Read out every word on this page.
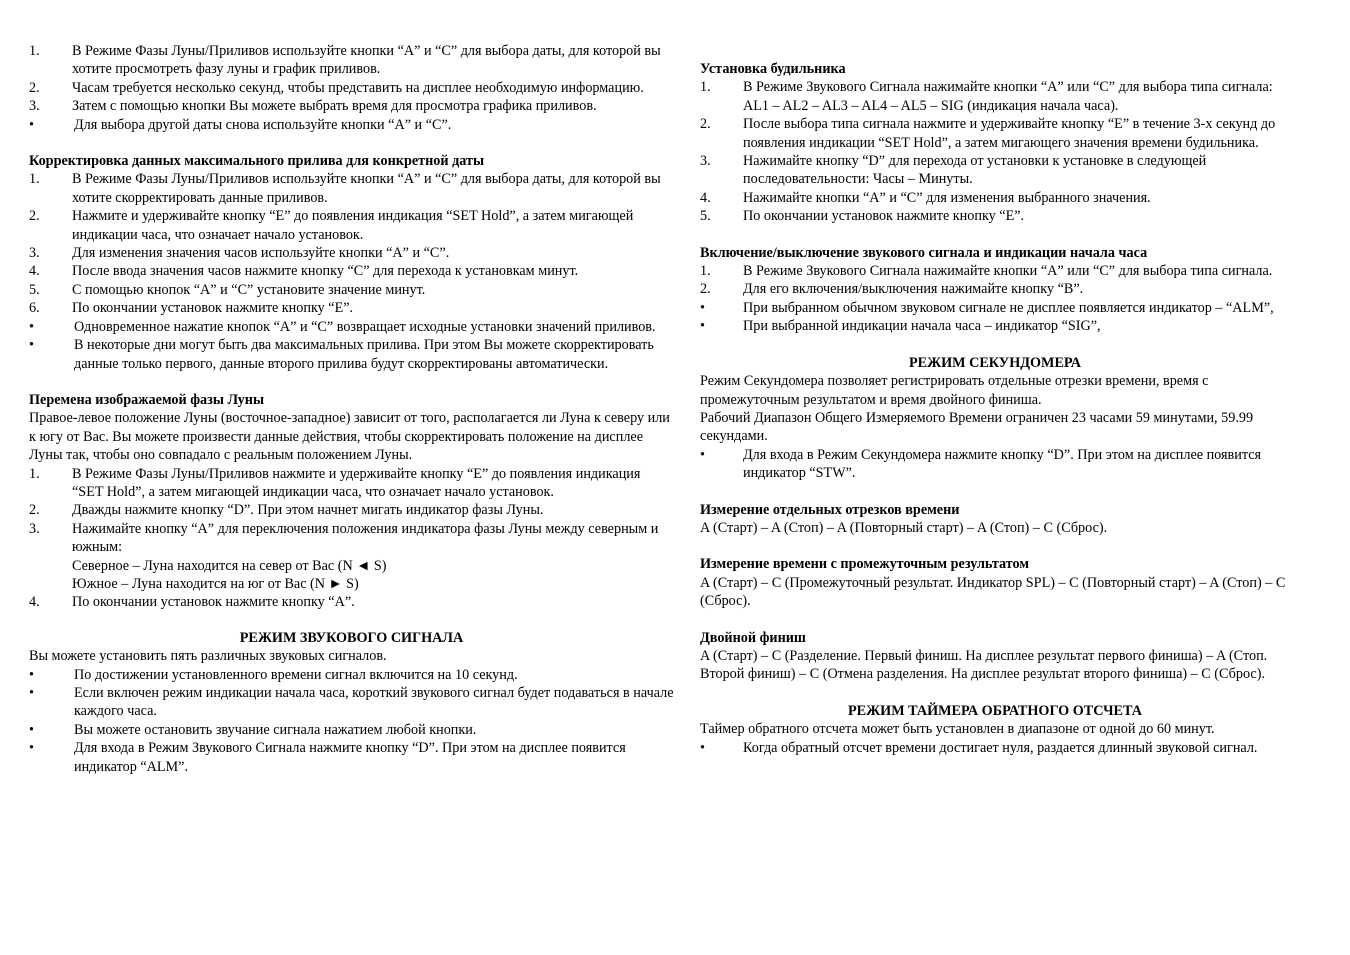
1. В Режиме Фазы Луны/Приливов используйте кнопки “A” и “C” для выбора даты, для которой вы хотите просмотреть фазу луны и график приливов.
2. Часам требуется несколько секунд, чтобы представить на дисплее необходимую информацию.
3. Затем с помощью кнопки Вы можете выбрать время для просмотра графика приливов.
•	Для выбора другой даты снова используйте кнопки “A” и “C”.
Корректировка данных максимального прилива для конкретной даты
1. В Режиме Фазы Луны/Приливов используйте кнопки “A” и “C” для выбора даты, для которой вы хотите скорректировать данные приливов.
2. Нажмите и удерживайте кнопку “E” до появления индикация “SET Hold”, а затем мигающей индикации часа, что означает начало установок.
3. Для изменения значения часов используйте кнопки “A” и “C”.
4. После ввода значения часов нажмите кнопку “C” для перехода к установкам минут.
5. С помощью кнопок “A” и “C” установите значение минут.
6. По окончании установок нажмите кнопку “E”.
•	Одновременное нажатие кнопок “A” и “C” возвращает исходные установки значений приливов.
•	В некоторые дни могут быть два максимальных прилива. При этом Вы можете скорректировать данные только первого, данные второго прилива будут скорректированы автоматически.
Перемена изображаемой фазы Луны
Правое-левое положение Луны (восточное-западное) зависит от того, располагается ли Луна к северу или к югу от Вас. Вы можете произвести данные действия, чтобы скорректировать положение на дисплее Луны так, чтобы оно совпадало с реальным положением Луны.
1. В Режиме Фазы Луны/Приливов нажмите и удерживайте кнопку “E” до появления индикация “SET Hold”, а затем мигающей индикации часа, что означает начало установок.
2. Дважды нажмите кнопку “D”. При этом начнет мигать индикатор фазы Луны.
3. Нажимайте кнопку “A” для переключения положения индикатора фазы Луны между северным и южным:
Северное – Луна находится на север от Вас (N ◄ S)
Южное – Луна находится на юг от Вас (N ► S)
4. По окончании установок нажмите кнопку “A”.
РЕЖИМ ЗВУКОВОГО СИГНАЛА
Вы можете установить пять различных звуковых сигналов.
•	По достижении установленного времени сигнал включится на 10 секунд.
•	Если включен режим индикации начала часа, короткий звукового сигнал будет подаваться в начале каждого часа.
•	Вы можете остановить звучание сигнала нажатием любой кнопки.
•	Для входа в Режим Звукового Сигнала нажмите кнопку “D”. При этом на дисплее появится индикатор “ALM”.
Установка будильника
1. В Режиме Звукового Сигнала нажимайте кнопки “A” или “C” для выбора типа сигнала:
AL1 – AL2 – AL3 – AL4 – AL5 – SIG (индикация начала часа).
2. После выбора типа сигнала нажмите и удерживайте кнопку “E” в течение 3-х секунд до появления индикации “SET Hold”, а затем мигающего значения времени будильника.
3. Нажимайте кнопку “D” для перехода от установки к установке в следующей последовательности: Часы – Минуты.
4. Нажимайте кнопки “A” и “C” для изменения выбранного значения.
5. По окончании установок нажмите кнопку “E”.
Включение/выключение звукового сигнала и индикации начала часа
1. В Режиме Звукового Сигнала нажимайте кнопки “A” или “C” для выбора типа сигнала.
2. Для его включения/выключения нажимайте кнопку “B”.
•	При выбранном обычном звуковом сигнале не дисплее появляется индикатор – “ALM”,
•	При выбранной индикации начала часа – индикатор “SIG”,
РЕЖИМ СЕКУНДОМЕРА
Режим Секундомера позволяет регистрировать отдельные отрезки времени, время с промежуточным результатом и время двойного финиша.
Рабочий Диапазон Общего Измеряемого Времени ограничен 23 часами 59 минутами, 59.99 секундами.
•	Для входа в Режим Секундомера нажмите кнопку “D”. При этом на дисплее появится индикатор “STW”.
Измерение отдельных отрезков времени
A (Старт) – A (Стоп) – A (Повторный старт) – A (Стоп) – C (Сброс).
Измерение времени с промежуточным результатом
A (Старт) – C (Промежуточный результат. Индикатор SPL) – C (Повторный старт) – A (Стоп) – C (Сброс).
Двойной финиш
A (Старт) – C (Разделение. Первый финиш. На дисплее результат первого финиша) – A (Стоп. Второй финиш) – C (Отмена разделения. На дисплее результат второго финиша) – C (Сброс).
РЕЖИМ ТАЙМЕРА ОБРАТНОГО ОТСЧЕТА
Таймер обратного отсчета может быть установлен в диапазоне от одной до 60 минут.
•	Когда обратный отсчет времени достигает нуля, раздается длинный звуковой сигнал.
